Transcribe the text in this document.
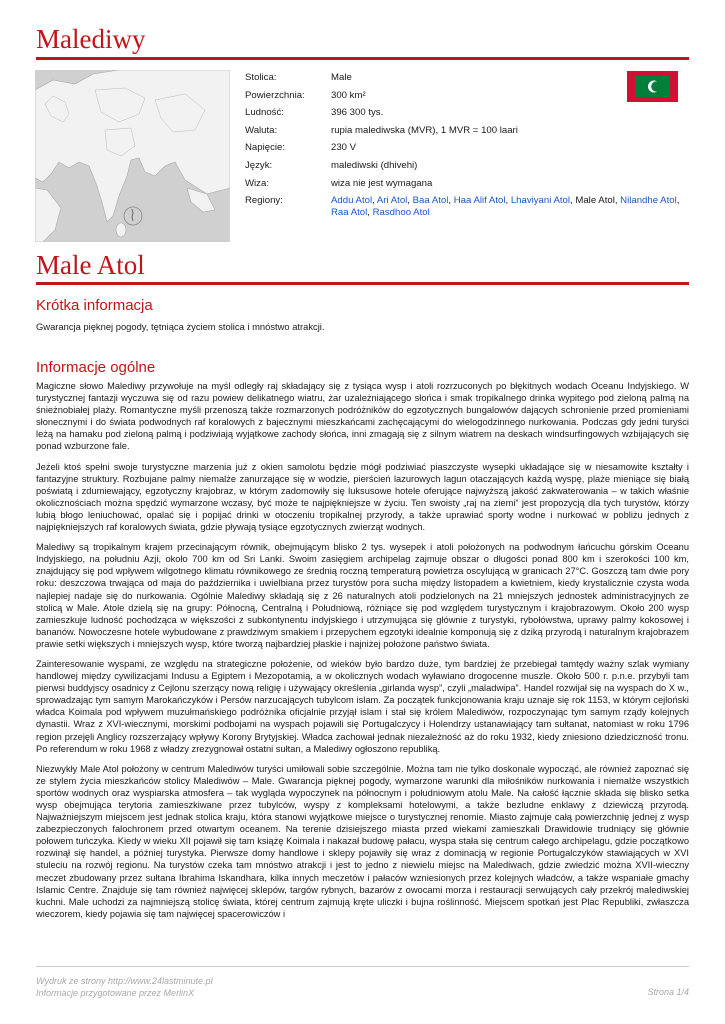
Malediwy
Stolica:	Male
Powierzchnia:	300 km²
Ludność:	396 300 tys.
Waluta:	rupia malediwska (MVR), 1 MVR = 100 laari
Napięcie:	230 V
Język:	malediwski (dhivehi)
Wiza:	wiza nie jest wymagana
Regiony:	Addu Atol, Ari Atol, Baa Atol, Haa Alif Atol, Lhaviyani Atol, Male Atol, Nilandhe Atol, Raa Atol, Rasdhoo Atol
Male Atol
Krótka informacja
Gwarancja pięknej pogody, tętniąca życiem stolica i mnóstwo atrakcji.
Informacje ogólne

Magiczne słowo Malediwy przywołuje na myśl odległy raj składający się z tysiąca wysp i atoli rozrzuconych po błękitnych wodach Oceanu Indyjskiego. W turystycznej fantazji wyczuwa się od razu powiew delikatnego wiatru, żar uzależniającego słońca i smak tropikalnego drinka wypitego pod zieloną palmą na śnieżnobiałej plaży. Romantyczne myśli przenoszą także rozmarzonych podróżników do egzotycznych bungalowów dających schronienie przed promieniami słonecznymi i do świata podwodnych raf koralowych z bajecznymi mieszkańcami zachęcającymi do wielogodzinnego nurkowania. Podczas gdy jedni turyści leżą na hamaku pod zieloną palmą i podziwiają wyjątkowe zachody słońca, inni zmagają się z silnym wiatrem na deskach windsurfingowych wzbijających się ponad wzburzone fale.

Jeżeli ktoś spełni swoje turystyczne marzenia już z okien samolotu będzie mógł podziwiać piaszczyste wysepki układające się w niesamowite kształty i fantazyjne struktury. Rozbujane palmy niemalże zanurzające się w wodzie, pierścień lazurowych lagun otaczających każdą wyspę, plaże mieniące się białą poświatą i zdumiewający, egzotyczny krajobraz, w którym zadomowiły się luksusowe hotele oferujące najwyższą jakość zakwaterowania – w takich właśnie okolicznościach można spędzić wymarzone wczasy, być może te najpiękniejsze w życiu. Ten swoisty „raj na ziemi” jest propozycją dla tych turystów, którzy lubią błogo leniuchować, opalać się i popijać drinki w otoczeniu tropikalnej przyrody, a także uprawiać sporty wodne i nurkować w pobliżu jednych z najpiękniejszych raf koralowych świata, gdzie pływają tysiące egzotycznych zwierząt wodnych.

Malediwy są tropikalnym krajem przecinającym równik, obejmującym blisko 2 tys. wysepek i atoli położonych na podwodnym łańcuchu górskim Oceanu Indyjskiego, na południu Azji, około 700 km od Sri Lanki. Swoim zasięgiem archipelag zajmuje obszar o długości ponad 800 km i szerokości 100 km, znajdujący się pod wpływem wilgotnego klimatu równikowego ze średnią roczną temperaturą powietrza oscylującą w granicach 27°C. Goszczą tam dwie pory roku: deszczowa trwająca od maja do października i uwielbiana przez turystów pora sucha między listopadem a kwietniem, kiedy krystalicznie czysta woda najlepiej nadaje się do nurkowania. Ogólnie Malediwy składają się z 26 naturalnych atoli podzielonych na 21 mniejszych jednostek administracyjnych ze stolicą w Male. Atole dzielą się na grupy: Północną, Centralną i Południową, różniące się pod względem turystycznym i krajobrazowym. Około 200 wysp zamieszkuje ludność pochodząca w większości z subkontynentu indyjskiego i utrzymująca się głównie z turystyki, rybołówstwa, uprawy palmy kokosowej i bananów. Nowoczesne hotele wybudowane z prawdziwym smakiem i przepychem egzotyki idealnie komponują się z dziką przyrodą i naturalnym krajobrazem prawie setki większych i mniejszych wysp, które tworzą najbardziej płaskie i najniżej położone państwo świata.

Zainteresowanie wyspami, ze względu na strategiczne położenie, od wieków było bardzo duże, tym bardziej że przebiegał tamtędy ważny szlak wymiany handlowej między cywilizacjami Indusu a Egiptem i Mezopotamią, a w okolicznych wodach wyławiano drogocenne muszle. Około 500 r. p.n.e. przybyli tam pierwsi buddyjscy osadnicy z Cejlonu szerzący nową religię i używający określenia „girlanda wysp”, czyli „maladwipa”. Handel rozwijał się na wyspach do X w., sprowadzając tym samym Marokańczyków i Persów narzucających tubylcom islam. Za początek funkcjonowania kraju uznaje się rok 1153, w którym cejloński władca Koimala pod wpływem muzułmańskiego podróżnika oficjalnie przyjął islam i stał się królem Malediwów, rozpoczynając tym samym rządy kolejnych dynastii. Wraz z XVI-wiecznymi, morskimi podbojami na wyspach pojawili się Portugalczycy i Holendrzy ustanawiający tam sułtanat, natomiast w roku 1796 region przejęli Anglicy rozszerzający wpływy Korony Brytyjskiej. Władca zachował jednak niezależność aż do roku 1932, kiedy zniesiono dziedziczność tronu. Po referendum w roku 1968 z władzy zrezygnował ostatni sułtan, a Malediwy ogłoszono republiką.

Niezwykły Male Atol położony w centrum Malediwów turyści umiłowali sobie szczególnie. Można tam nie tylko doskonale wypocząć, ale również zapoznać się ze stylem życia mieszkańców stolicy Malediwów – Male. Gwarancja pięknej pogody, wymarzone warunki dla miłośników nurkowania i niemalże wszystkich sportów wodnych oraz wyspiarska atmosfera – tak wygląda wypoczynek na północnym i południowym atolu Male. Na całość łącznie składa się blisko setka wysp obejmująca terytoria zamieszkiwane przez tubylców, wyspy z kompleksami hotelowymi, a także bezludne enklawy z dziewiczą przyrodą. Najważniejszym miejscem jest jednak stolica kraju, która stanowi wyjątkowe miejsce o turystycznej renomie. Miasto zajmuje całą powierzchnię jednej z wysp zabezpieczonych falochronem przed otwartym oceanem. Na terenie dzisiejszego miasta przed wiekami zamieszkali Drawidowie trudniący się głównie połowem tuńczyka. Kiedy w wieku XII pojawił się tam książę Koimala i nakazał budowę pałacu, wyspa stała się centrum całego archipelagu, gdzie początkowo rozwinął się handel, a później turystyka. Pierwsze domy handlowe i sklepy pojawiły się wraz z dominacją w regionie Portugalczyków stawiających w XVI stuleciu na rozwój regionu. Na turystów czeka tam mnóstwo atrakcji i jest to jedno z niewielu miejsc na Malediwach, gdzie zwiedzić można XVII-wieczny meczet zbudowany przez sułtana Ibrahima Iskandhara, kilka innych meczetów i pałaców wzniesionych przez kolejnych władców, a także wspaniałe gmachy Islamic Centre. Znajduje się tam również najwięcej sklepów, targów rybnych, bazarów z owocami morza i restauracji serwujących cały przekrój malediwskiej kuchni. Male uchodzi za najmniejszą stolicę świata, której centrum zajmują kręte uliczki i bujna roślinność. Miejscem spotkań jest Plac Republiki, zwłaszcza wieczorem, kiedy pojawia się tam najwięcej spacerowiczów i

Wydruk ze strony http://www.24lastminute.pl
Informacje przygotowane przez MerlinX	Strona 1/4
